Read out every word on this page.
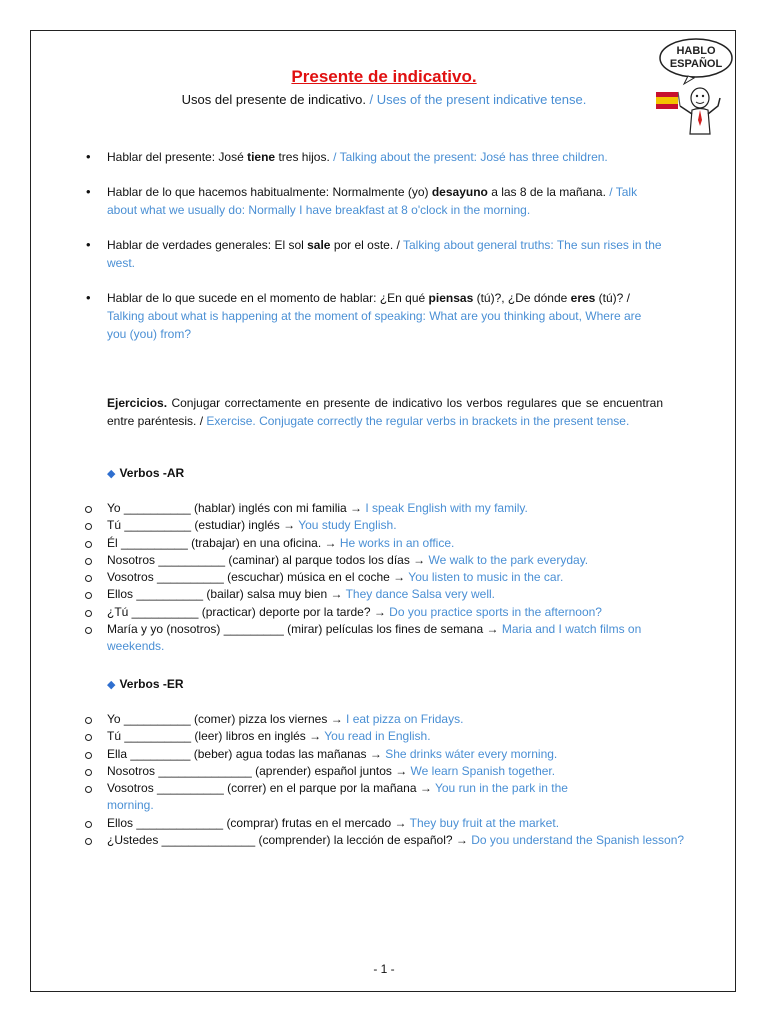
Presente de indicativo.
Usos del presente de indicativo. / Uses of the present indicative tense.
HABLO
ESPAÑOL
• Hablar del presente: José tiene tres hijos. / Talking about the present: José has three children.
• Hablar de lo que hacemos habitualmente: Normalmente (yo) desayuno a las 8 de la mañana. / Talk about what we usually do: Normally I have breakfast at 8 o'clock in the morning.
• Hablar de verdades generales: El sol sale por el oste. / Talking about general truths: The sun rises in the west.
• Hablar de lo que sucede en el momento de hablar: ¿En qué piensas (tú)?, ¿De dónde eres (tú)? / Talking about what is happening at the moment of speaking: What are you thinking about, Where are you (you) from?
Ejercicios. Conjugar correctamente en presente de indicativo los verbos regulares que se encuentran entre paréntesis. / Exercise. Conjugate correctly the regular verbs in brackets in the present tense.
◆ Verbos -AR
Yo __________ (hablar) inglés con mi familia → I speak English with my family.
Tú __________ (estudiar) inglés → You study English.
Él __________ (trabajar) en una oficina. → He works in an office.
Nosotros __________ (caminar) al parque todos los días → We walk to the park everyday.
Vosotros __________ (escuchar) música en el coche → You listen to music in the car.
Ellos __________ (bailar) salsa muy bien → They dance Salsa very well.
¿Tú __________ (practicar) deporte por la tarde? → Do you practice sports in the afternoon?
María y yo (nosotros) _________ (mirar) películas los fines de semana → Maria and I watch films on weekends.
◆ Verbos -ER
Yo __________ (comer) pizza los viernes → I eat pizza on Fridays.
Tú __________ (leer) libros en inglés → You read in English.
Ella _________ (beber) agua todas las mañanas → She drinks wáter every morning.
Nosotros ______________ (aprender) español juntos → We learn Spanish together.
Vosotros __________ (correr) en el parque por la mañana → You run in the park in the morning.
Ellos _____________ (comprar) frutas en el mercado → They buy fruit at the market.
¿Ustedes ______________ (comprender) la lección de español? → Do you understand the Spanish lesson?
- 1 -
